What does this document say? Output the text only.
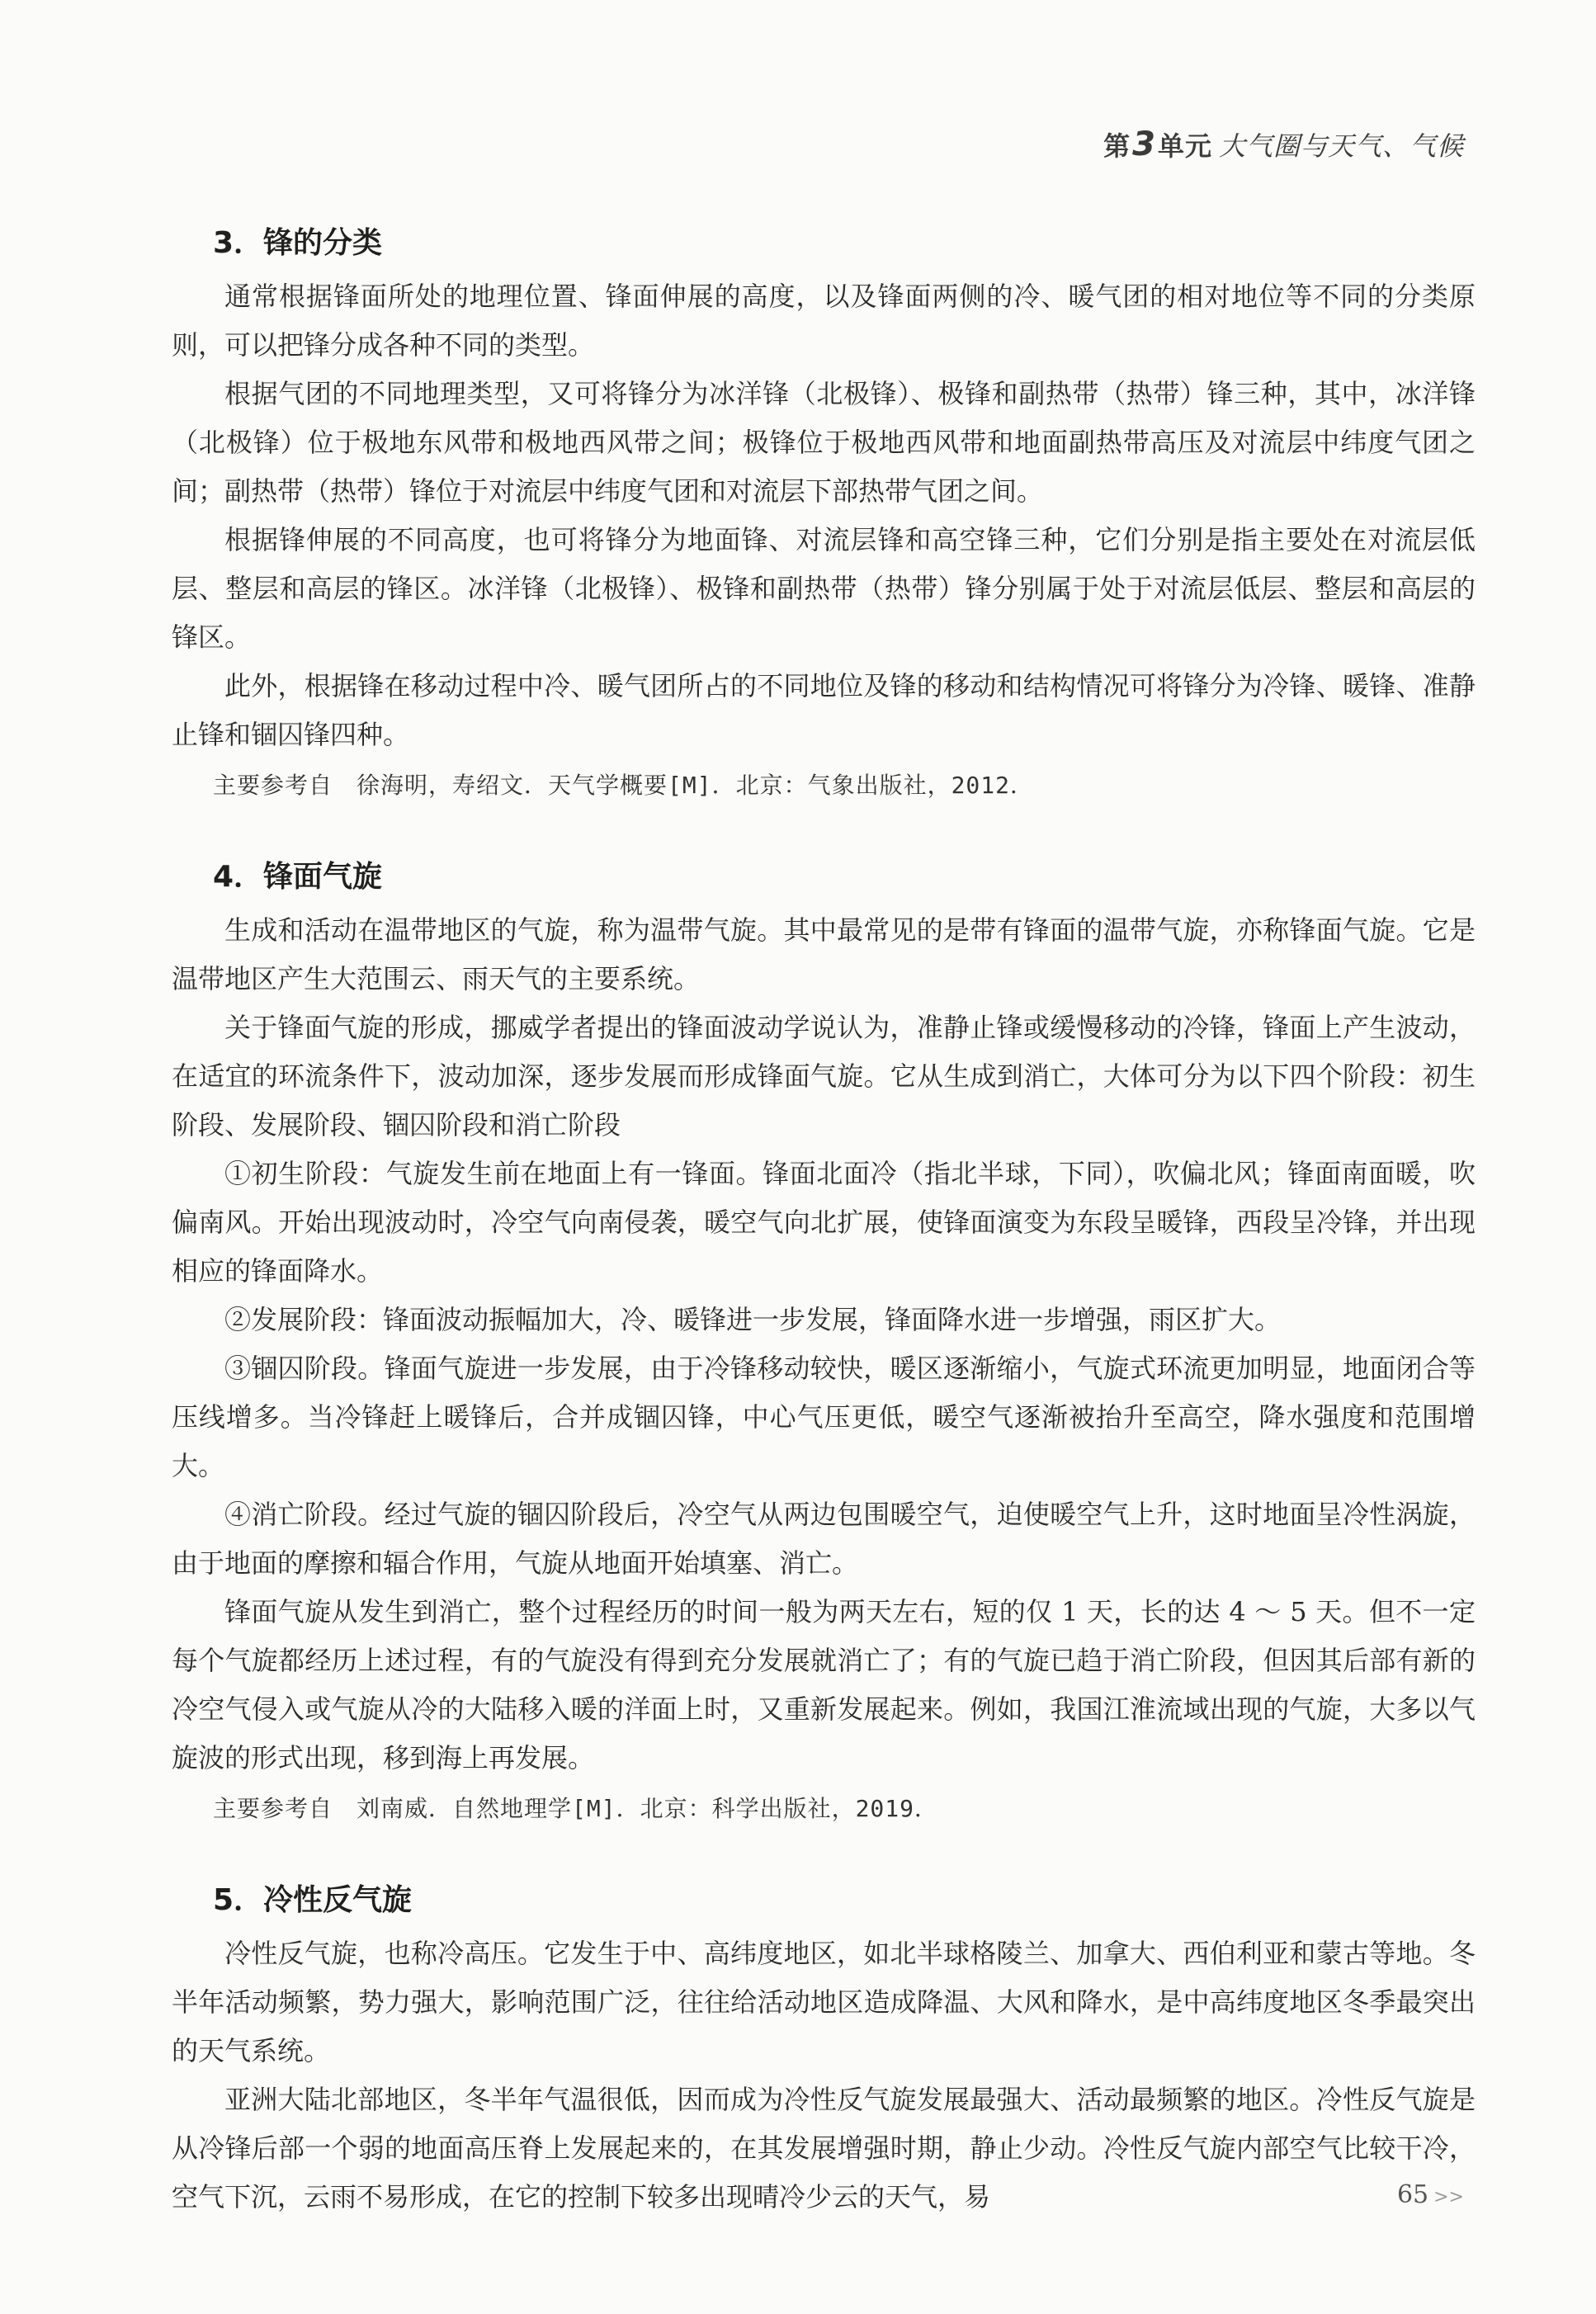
第3单元 大气圈与天气、气候
3．锋的分类

通常根据锋面所处的地理位置、锋面伸展的高度，以及锋面两侧的冷、暖气团的相对地位等不同的分类原则，可以把锋分成各种不同的类型。

根据气团的不同地理类型，又可将锋分为冰洋锋（北极锋）、极锋和副热带（热带）锋三种，其中，冰洋锋（北极锋）位于极地东风带和极地西风带之间；极锋位于极地西风带和地面副热带高压及对流层中纬度气团之间；副热带（热带）锋位于对流层中纬度气团和对流层下部热带气团之间。

根据锋伸展的不同高度，也可将锋分为地面锋、对流层锋和高空锋三种，它们分别是指主要处在对流层低层、整层和高层的锋区。冰洋锋（北极锋）、极锋和副热带（热带）锋分别属于处于对流层低层、整层和高层的锋区。

此外，根据锋在移动过程中冷、暖气团所占的不同地位及锋的移动和结构情况可将锋分为冷锋、暖锋、准静止锋和锢囚锋四种。

主要参考自　徐海明，寿绍文．天气学概要[M]．北京：气象出版社，2012．
4．锋面气旋

生成和活动在温带地区的气旋，称为温带气旋。其中最常见的是带有锋面的温带气旋，亦称锋面气旋。它是温带地区产生大范围云、雨天气的主要系统。

关于锋面气旋的形成，挪威学者提出的锋面波动学说认为，准静止锋或缓慢移动的冷锋，锋面上产生波动，在适宜的环流条件下，波动加深，逐步发展而形成锋面气旋。它从生成到消亡，大体可分为以下四个阶段：初生阶段、发展阶段、锢囚阶段和消亡阶段

①初生阶段：气旋发生前在地面上有一锋面。锋面北面冷（指北半球，下同），吹偏北风；锋面南面暖，吹偏南风。开始出现波动时，冷空气向南侵袭，暖空气向北扩展，使锋面演变为东段呈暖锋，西段呈冷锋，并出现相应的锋面降水。

②发展阶段：锋面波动振幅加大，冷、暖锋进一步发展，锋面降水进一步增强，雨区扩大。

③锢囚阶段。锋面气旋进一步发展，由于冷锋移动较快，暖区逐渐缩小，气旋式环流更加明显，地面闭合等压线增多。当冷锋赶上暖锋后，合并成锢囚锋，中心气压更低，暖空气逐渐被抬升至高空，降水强度和范围增大。

④消亡阶段。经过气旋的锢囚阶段后，冷空气从两边包围暖空气，迫使暖空气上升，这时地面呈冷性涡旋，由于地面的摩擦和辐合作用，气旋从地面开始填塞、消亡。

锋面气旋从发生到消亡，整个过程经历的时间一般为两天左右，短的仅 1 天，长的达 4 ～ 5 天。但不一定每个气旋都经历上述过程，有的气旋没有得到充分发展就消亡了；有的气旋已趋于消亡阶段，但因其后部有新的冷空气侵入或气旋从冷的大陆移入暖的洋面上时，又重新发展起来。例如，我国江淮流域出现的气旋，大多以气旋波的形式出现，移到海上再发展。

主要参考自　刘南威．自然地理学[M]．北京：科学出版社，2019．
5．冷性反气旋

冷性反气旋，也称冷高压。它发生于中、高纬度地区，如北半球格陵兰、加拿大、西伯利亚和蒙古等地。冬半年活动频繁，势力强大，影响范围广泛，往往给活动地区造成降温、大风和降水，是中高纬度地区冬季最突出的天气系统。

亚洲大陆北部地区，冬半年气温很低，因而成为冷性反气旋发展最强大、活动最频繁的地区。冷性反气旋是从冷锋后部一个弱的地面高压脊上发展起来的，在其发展增强时期，静止少动。冷性反气旋内部空气比较干冷，空气下沉，云雨不易形成，在它的控制下较多出现晴冷少云的天气，易	65 >>
